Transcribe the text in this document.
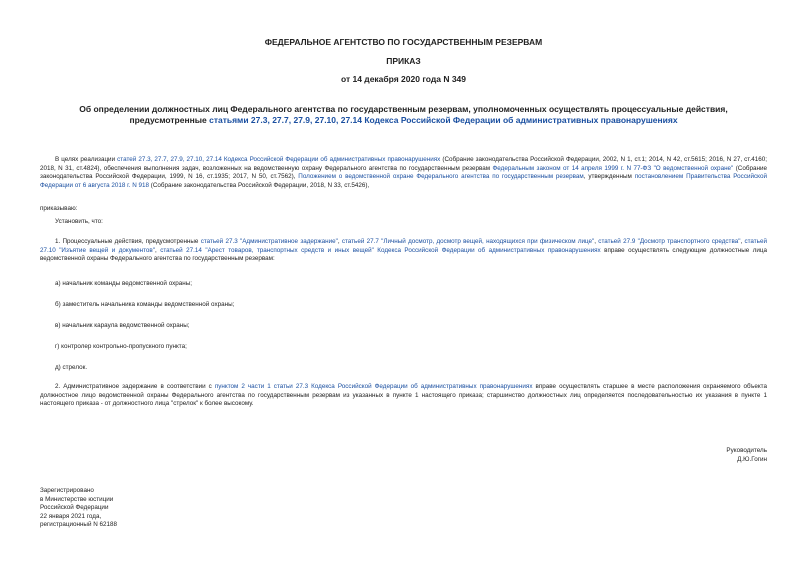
ФЕДЕРАЛЬНОЕ АГЕНТСТВО ПО ГОСУДАРСТВЕННЫМ РЕЗЕРВАМ
ПРИКАЗ
от 14 декабря 2020 года N 349
Об определении должностных лиц Федерального агентства по государственным резервам, уполномоченных осуществлять процессуальные действия,
предусмотренные статьями 27.3, 27.7, 27.9, 27.10, 27.14 Кодекса Российской Федерации об административных правонарушениях
В целях реализации статей 27.3, 27.7, 27.9, 27.10, 27.14 Кодекса Российской Федерации об административных правонарушениях (Собрание законодательства Российской Федерации, 2002, N 1, ст.1; 2014, N 42, ст.5615; 2016, N 27, ст.4160; 2018, N 31, ст.4824), обеспечения выполнения задач, возложенных на ведомственную охрану Федерального агентства по государственным резервам Федеральным законом от 14 апреля 1999 г. N 77-ФЗ "О ведомственной охране" (Собрание законодательства Российской Федерации, 1999, N 16, ст.1935; 2017, N 50, ст.7562), Положением о ведомственной охране Федерального агентства по государственным резервам, утвержденным постановлением Правительства Российской Федерации от 6 августа 2018 г. N 918 (Собрание законодательства Российской Федерации, 2018, N 33, ст.5426),
приказываю:
Установить, что:
1. Процессуальные действия, предусмотренные статьей 27.3 "Административное задержание", статьей 27.7 "Личный досмотр, досмотр вещей, находящихся при физическом лице", статьей 27.9 "Досмотр транспортного средства", статьей 27.10 "Изъятие вещей и документов", статьей 27.14 "Арест товаров, транспортных средств и иных вещей" Кодекса Российской Федерации об административных правонарушениях вправе осуществлять следующие должностные лица ведомственной охраны Федерального агентства по государственным резервам:
а) начальник команды ведомственной охраны;
б) заместитель начальника команды ведомственной охраны;
в) начальник караула ведомственной охраны;
г) контролер контрольно-пропускного пункта;
д) стрелок.
2. Административное задержание в соответствии с пунктом 2 части 1 статьи 27.3 Кодекса Российской Федерации об административных правонарушениях вправе осуществлять старшее в месте расположения охраняемого объекта должностное лицо ведомственной охраны Федерального агентства по государственным резервам из указанных в пункте 1 настоящего приказа; старшинство должностных лиц определяется последовательностью их указания в пункте 1 настоящего приказа - от должностного лица "стрелок" к более высокому.
Руководитель
Д.Ю.Гогин
Зарегистрировано
в Министерстве юстиции
Российской Федерации
22 января 2021 года,
регистрационный N 62188
